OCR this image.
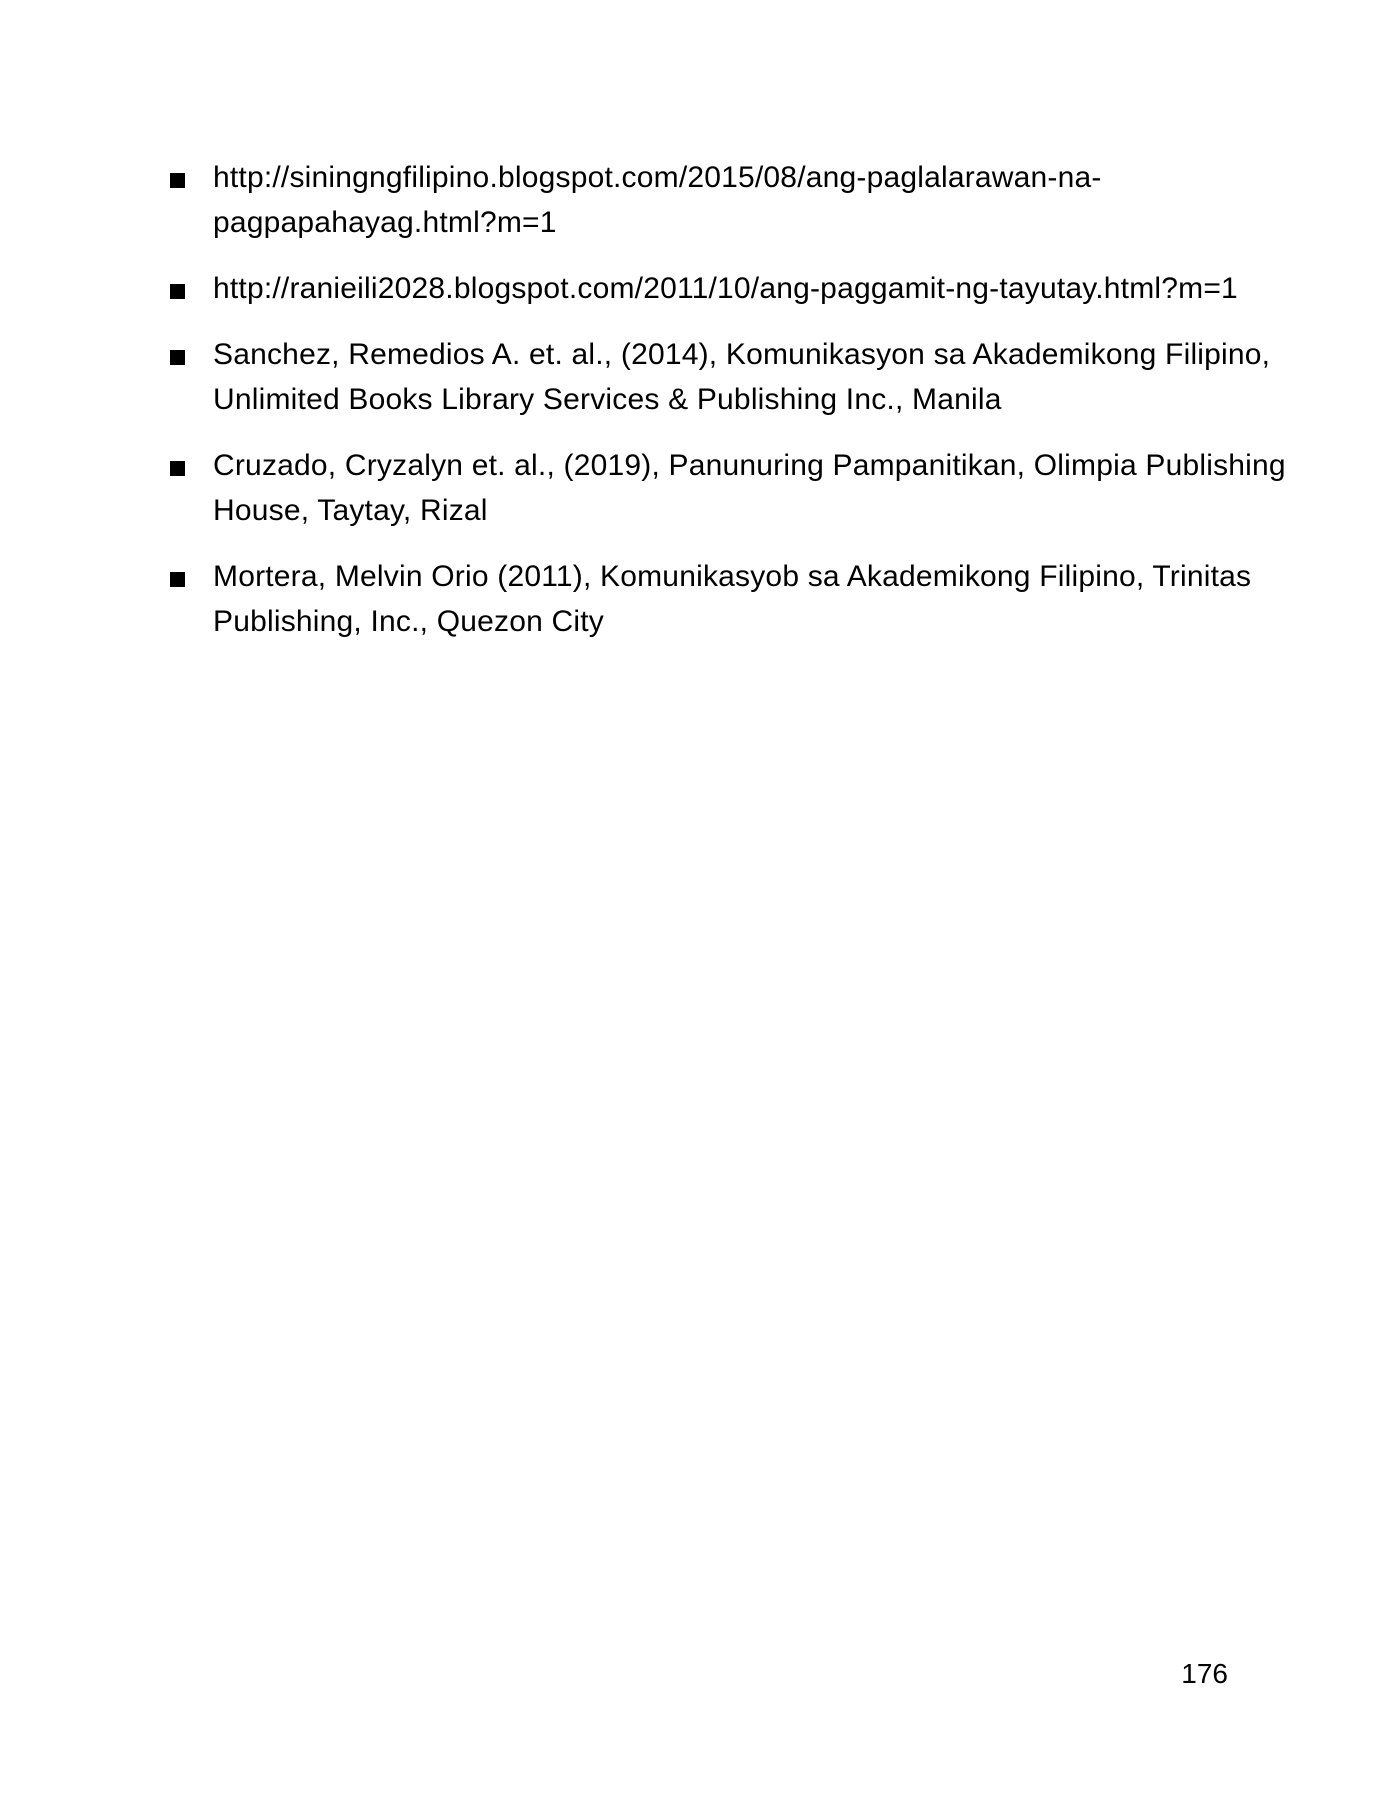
http://siningngfilipino.blogspot.com/2015/08/ang-paglalarawan-na-
pagpapahayag.html?m=1
http://ranieili2028.blogspot.com/2011/10/ang-paggamit-ng-tayutay.html?m=1
Sanchez, Remedios A. et. al., (2014), Komunikasyon sa Akademikong Filipino,
Unlimited Books Library Services & Publishing Inc., Manila
Cruzado, Cryzalyn et. al., (2019), Panunuring Pampanitikan, Olimpia Publishing
House, Taytay, Rizal
Mortera, Melvin Orio (2011), Komunikasyob sa Akademikong Filipino, Trinitas
Publishing, Inc., Quezon City
176
